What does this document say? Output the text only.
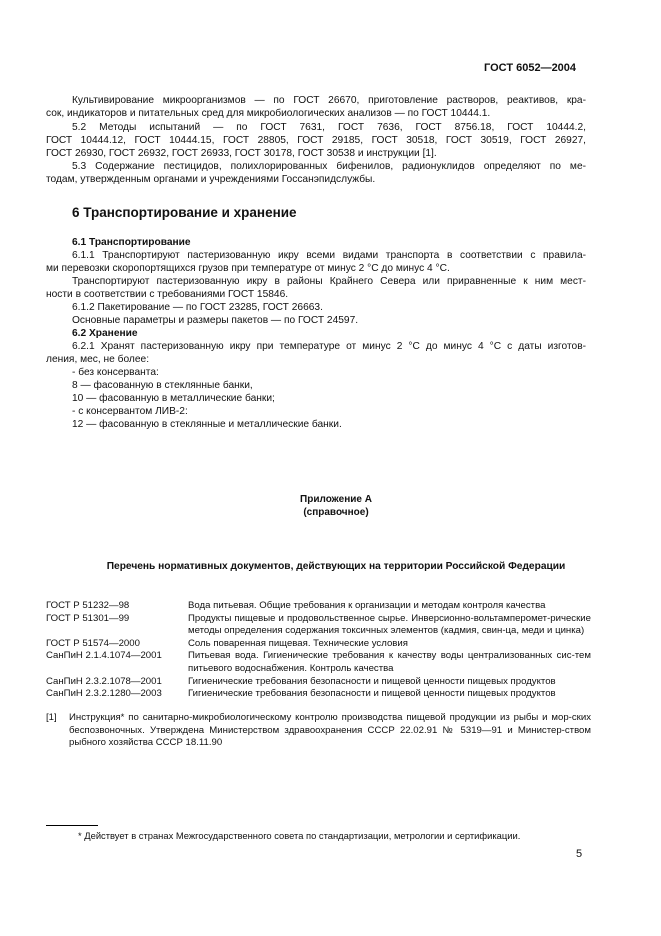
ГОСТ 6052—2004
Культивирование микроорганизмов — по ГОСТ 26670, приготовление растворов, реактивов, кра-
сок, индикаторов и питательных сред для микробиологических анализов — по ГОСТ 10444.1.
5.2 Методы испытаний — по ГОСТ 7631, ГОСТ 7636, ГОСТ 8756.18, ГОСТ 10444.2,
ГОСТ 10444.12, ГОСТ 10444.15, ГОСТ 28805, ГОСТ 29185, ГОСТ 30518, ГОСТ 30519, ГОСТ 26927,
ГОСТ 26930, ГОСТ 26932, ГОСТ 26933, ГОСТ 30178, ГОСТ 30538 и инструкции [1].
5.3 Содержание пестицидов, полихлорированных бифенилов, радионуклидов определяют по ме-
тодам, утвержденным органами и учреждениями Госсанэпидслужбы.
6 Транспортирование и хранение
6.1 Транспортирование
6.1.1 Транспортируют пастеризованную икру всеми видами транспорта в соответствии с правила-
ми перевозки скоропортящихся грузов при температуре от минус 2 °С до минус 4 °С.
Транспортируют пастеризованную икру в районы Крайнего Севера или приравненные к ним мест-
ности в соответствии с требованиями ГОСТ 15846.
6.1.2 Пакетирование — по ГОСТ 23285, ГОСТ 26663.
Основные параметры и размеры пакетов — по ГОСТ 24597.
6.2 Хранение
6.2.1 Хранят пастеризованную икру при температуре от минус 2 °С до минус 4 °С с даты изготов-
ления, мес, не более:
- без консерванта:
8 — фасованную в стеклянные банки,
10 — фасованную в металлические банки;
- с консервантом ЛИВ-2:
12 — фасованную в стеклянные и металлические банки.
Приложение А
(справочное)
Перечень нормативных документов, действующих на территории Российской Федерации
ГОСТ Р 51232—98	Вода питьевая. Общие требования к организации и методам контроля качества
ГОСТ Р 51301—99	Продукты пищевые и продовольственное сырье. Инверсионно-вольтамперомет-рические методы определения содержания токсичных элементов (кадмия, свин-ца, меди и цинка)
ГОСТ Р 51574—2000	Соль поваренная пищевая. Технические условия
СанПиН 2.1.4.1074—2001	Питьевая вода. Гигиенические требования к качеству воды централизованных сис-тем питьевого водоснабжения. Контроль качества
СанПиН 2.3.2.1078—2001	Гигиенические требования безопасности и пищевой ценности пищевых продуктов
СанПиН 2.3.2.1280—2003	Гигиенические требования безопасности и пищевой ценности пищевых продуктов
[1]	Инструкция* по санитарно-микробиологическому контролю производства пищевой продукции из рыбы и мор-ских беспозвоночных. Утверждена Министерством здравоохранения СССР 22.02.91 № 5319—91 и Министер-ством рыбного хозяйства СССР 18.11.90
* Действует в странах Межгосударственного совета по стандартизации, метрологии и сертификации.
5
